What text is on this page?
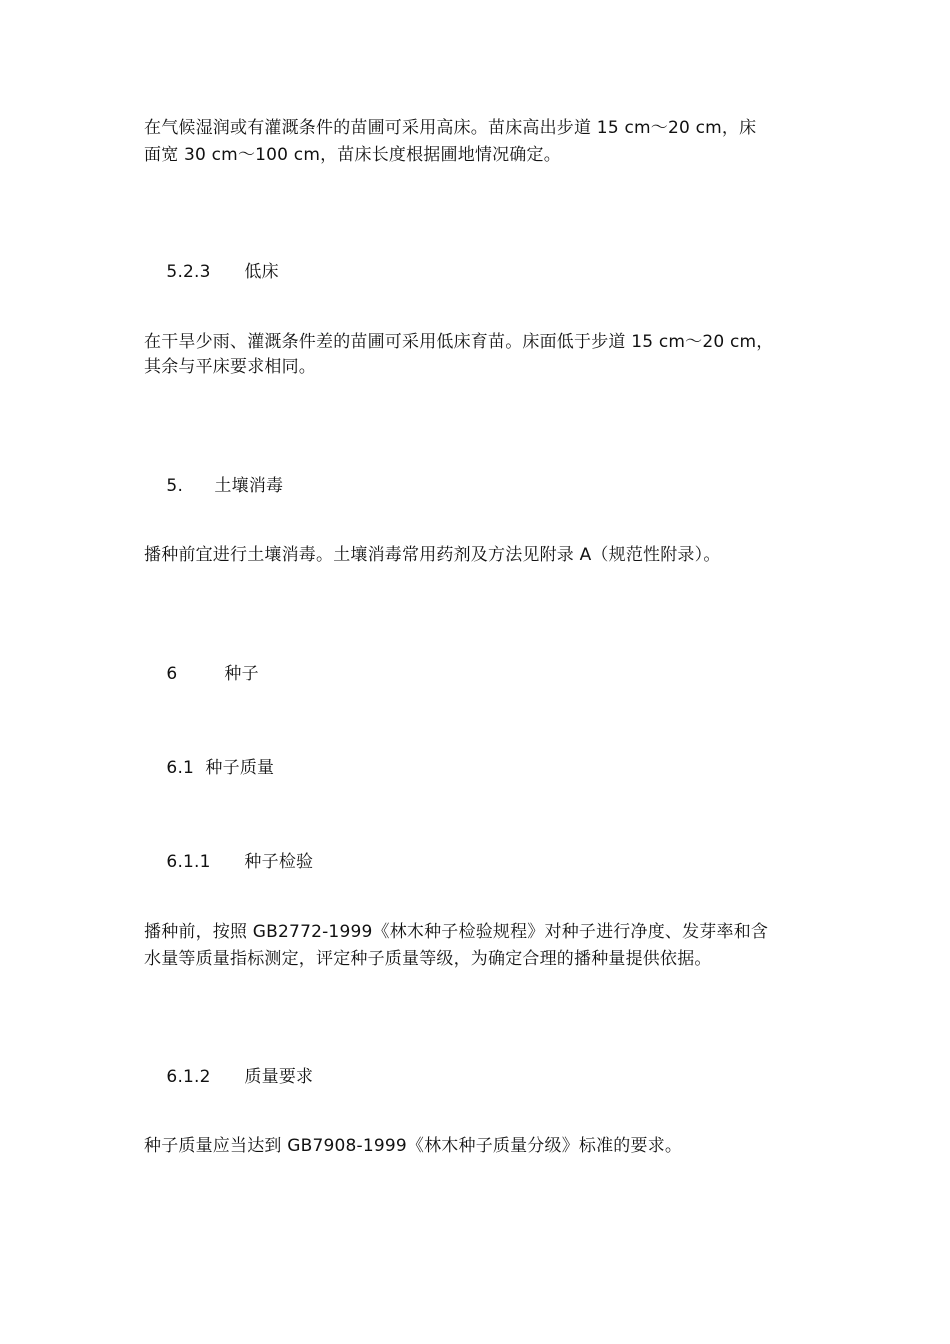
在气候湿润或有灌溉条件的苗圃可采用高床。苗床高出步道 15 cm～20 cm，床
面宽 30 cm～100 cm，苗床长度根据圃地情况确定。

5.2.3 低床

在干旱少雨、灌溉条件差的苗圃可采用低床育苗。床面低于步道 15 cm～20 cm，
其余与平床要求相同。

5. 土壤消毒

播种前宜进行土壤消毒。土壤消毒常用药剂及方法见附录 A（规范性附录）。

6	种子

6.1 种子质量

6.1.1 种子检验

播种前，按照 GB2772-1999《林木种子检验规程》对种子进行净度、发芽率和含
水量等质量指标测定，评定种子质量等级，为确定合理的播种量提供依据。

6.1.2 质量要求

种子质量应当达到 GB7908-1999《林木种子质量分级》标准的要求。
